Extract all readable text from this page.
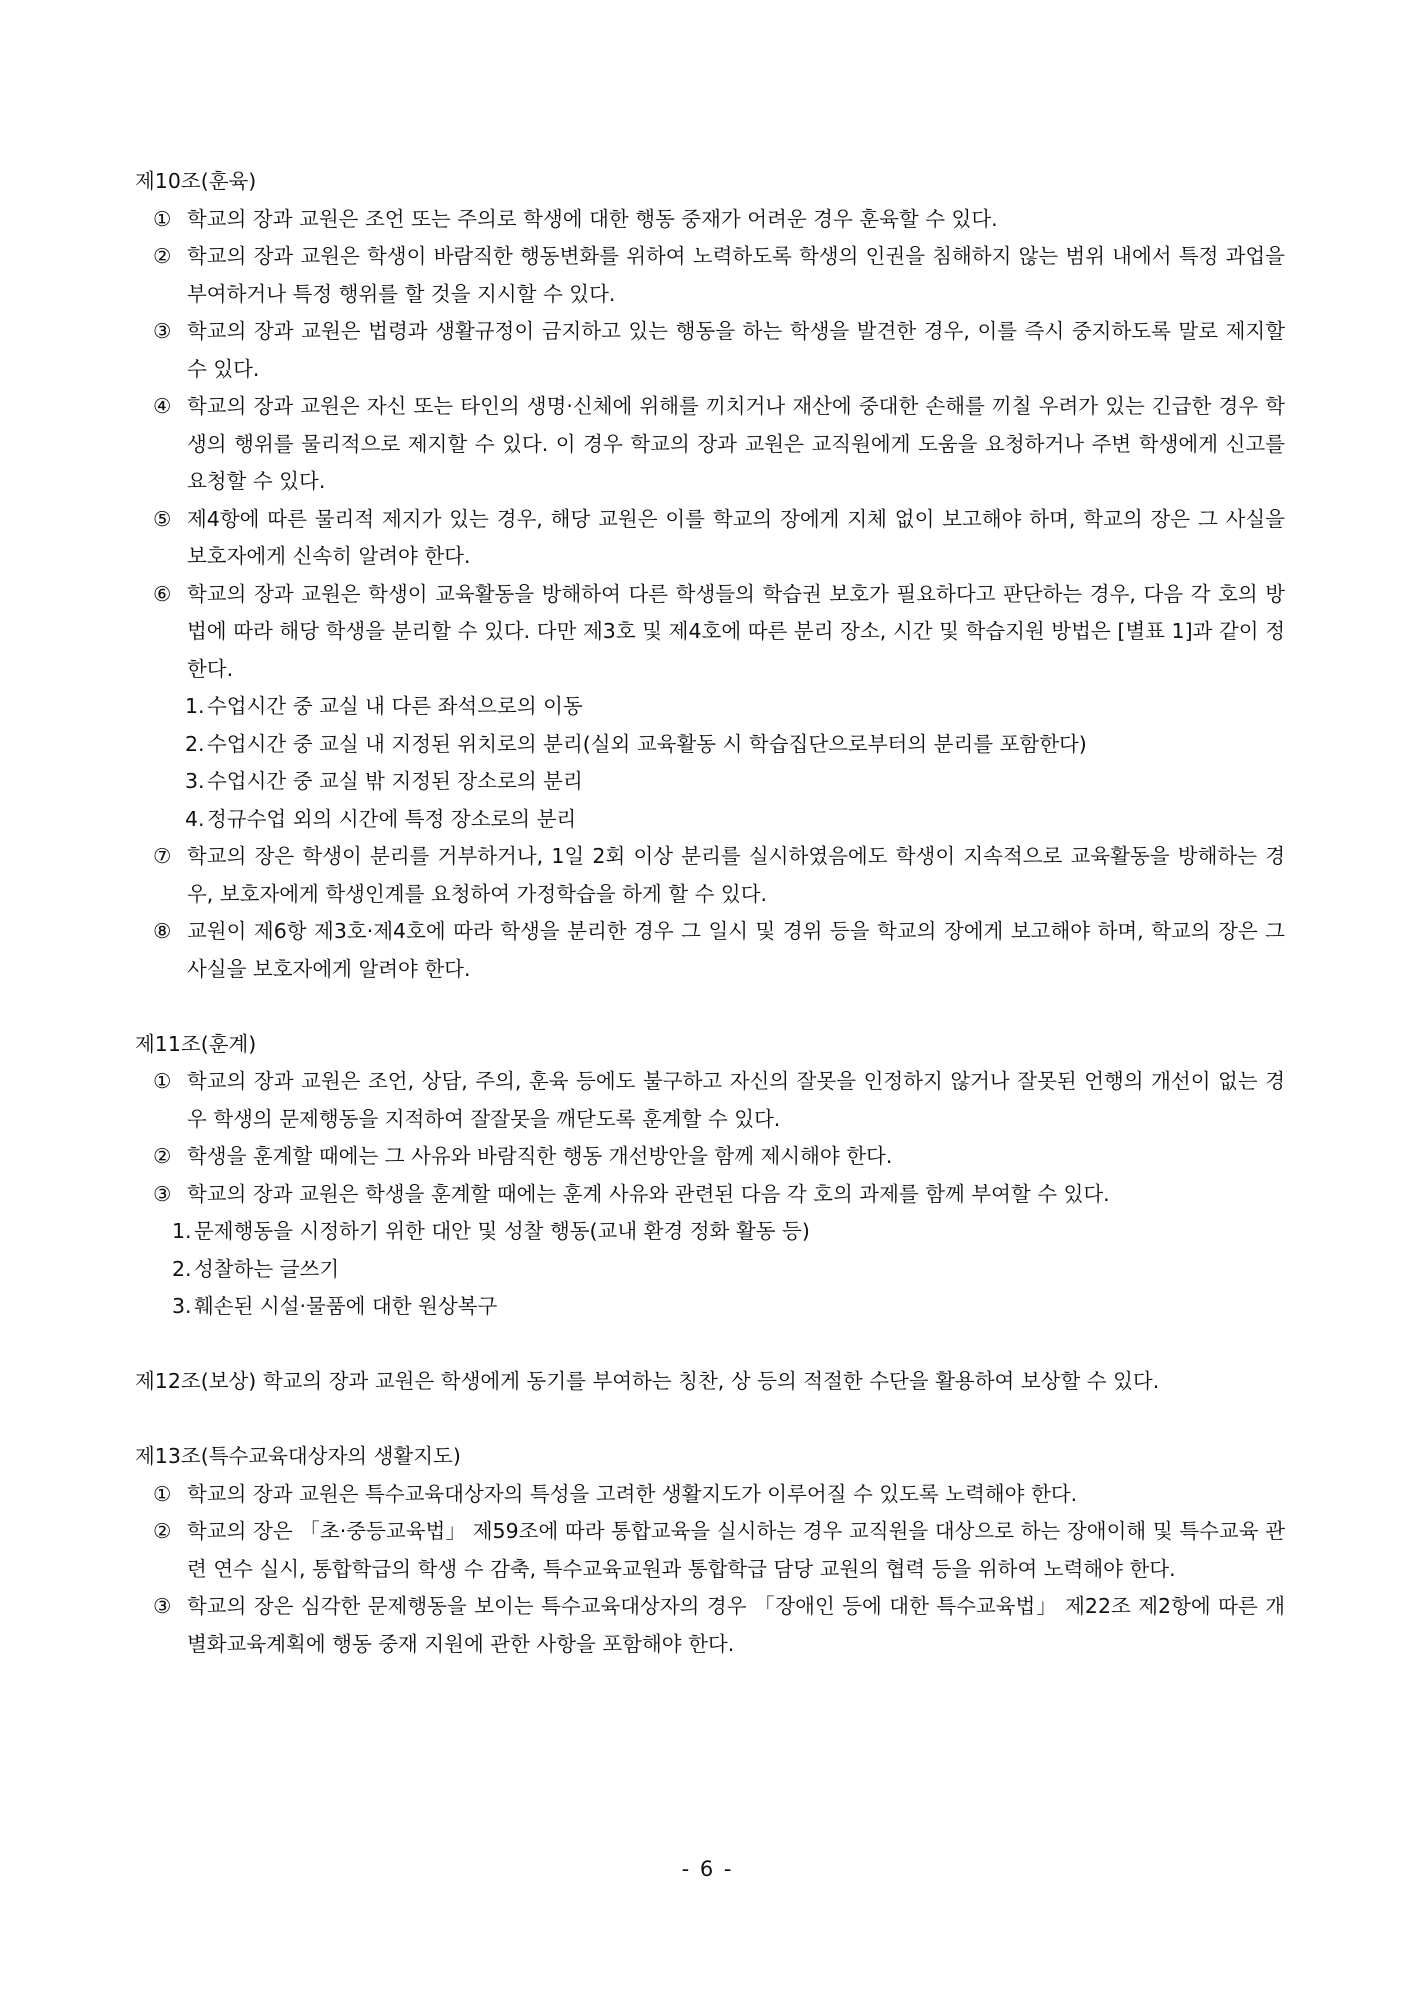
제10조(훈육)
① 학교의 장과 교원은 조언 또는 주의로 학생에 대한 행동 중재가 어려운 경우 훈육할 수 있다.
② 학교의 장과 교원은 학생이 바람직한 행동변화를 위하여 노력하도록 학생의 인권을 침해하지 않는 범위 내에서 특정 과업을 부여하거나 특정 행위를 할 것을 지시할 수 있다.
③ 학교의 장과 교원은 법령과 생활규정이 금지하고 있는 행동을 하는 학생을 발견한 경우, 이를 즉시 중지하도록 말로 제지할 수 있다.
④ 학교의 장과 교원은 자신 또는 타인의 생명·신체에 위해를 끼치거나 재산에 중대한 손해를 끼칠 우려가 있는 긴급한 경우 학생의 행위를 물리적으로 제지할 수 있다. 이 경우 학교의 장과 교원은 교직원에게 도움을 요청하거나 주변 학생에게 신고를 요청할 수 있다.
⑤ 제4항에 따른 물리적 제지가 있는 경우, 해당 교원은 이를 학교의 장에게 지체 없이 보고해야 하며, 학교의 장은 그 사실을 보호자에게 신속히 알려야 한다.
⑥ 학교의 장과 교원은 학생이 교육활동을 방해하여 다른 학생들의 학습권 보호가 필요하다고 판단하는 경우, 다음 각 호의 방법에 따라 해당 학생을 분리할 수 있다. 다만 제3호 및 제4호에 따른 분리 장소, 시간 및 학습지원 방법은 [별표 1]과 같이 정한다.
1. 수업시간 중 교실 내 다른 좌석으로의 이동
2. 수업시간 중 교실 내 지정된 위치로의 분리(실외 교육활동 시 학습집단으로부터의 분리를 포함한다)
3. 수업시간 중 교실 밖 지정된 장소로의 분리
4. 정규수업 외의 시간에 특정 장소로의 분리
⑦ 학교의 장은 학생이 분리를 거부하거나, 1일 2회 이상 분리를 실시하였음에도 학생이 지속적으로 교육활동을 방해하는 경우, 보호자에게 학생인계를 요청하여 가정학습을 하게 할 수 있다.
⑧ 교원이 제6항 제3호·제4호에 따라 학생을 분리한 경우 그 일시 및 경위 등을 학교의 장에게 보고해야 하며, 학교의 장은 그 사실을 보호자에게 알려야 한다.
제11조(훈계)
① 학교의 장과 교원은 조언, 상담, 주의, 훈육 등에도 불구하고 자신의 잘못을 인정하지 않거나 잘못된 언행의 개선이 없는 경우 학생의 문제행동을 지적하여 잘잘못을 깨닫도록 훈계할 수 있다.
② 학생을 훈계할 때에는 그 사유와 바람직한 행동 개선방안을 함께 제시해야 한다.
③ 학교의 장과 교원은 학생을 훈계할 때에는 훈계 사유와 관련된 다음 각 호의 과제를 함께 부여할 수 있다.
1. 문제행동을 시정하기 위한 대안 및 성찰 행동(교내 환경 정화 활동 등)
2. 성찰하는 글쓰기
3. 훼손된 시설·물품에 대한 원상복구
제12조(보상) 학교의 장과 교원은 학생에게 동기를 부여하는 칭찬, 상 등의 적절한 수단을 활용하여 보상할 수 있다.
제13조(특수교육대상자의 생활지도)
① 학교의 장과 교원은 특수교육대상자의 특성을 고려한 생활지도가 이루어질 수 있도록 노력해야 한다.
② 학교의 장은 「초·중등교육법」 제59조에 따라 통합교육을 실시하는 경우 교직원을 대상으로 하는 장애이해 및 특수교육 관련 연수 실시, 통합학급의 학생 수 감축, 특수교육교원과 통합학급 담당 교원의 협력 등을 위하여 노력해야 한다.
③ 학교의 장은 심각한 문제행동을 보이는 특수교육대상자의 경우 「장애인 등에 대한 특수교육법」 제22조 제2항에 따른 개별화교육계획에 행동 중재 지원에 관한 사항을 포함해야 한다.
- 6 -
